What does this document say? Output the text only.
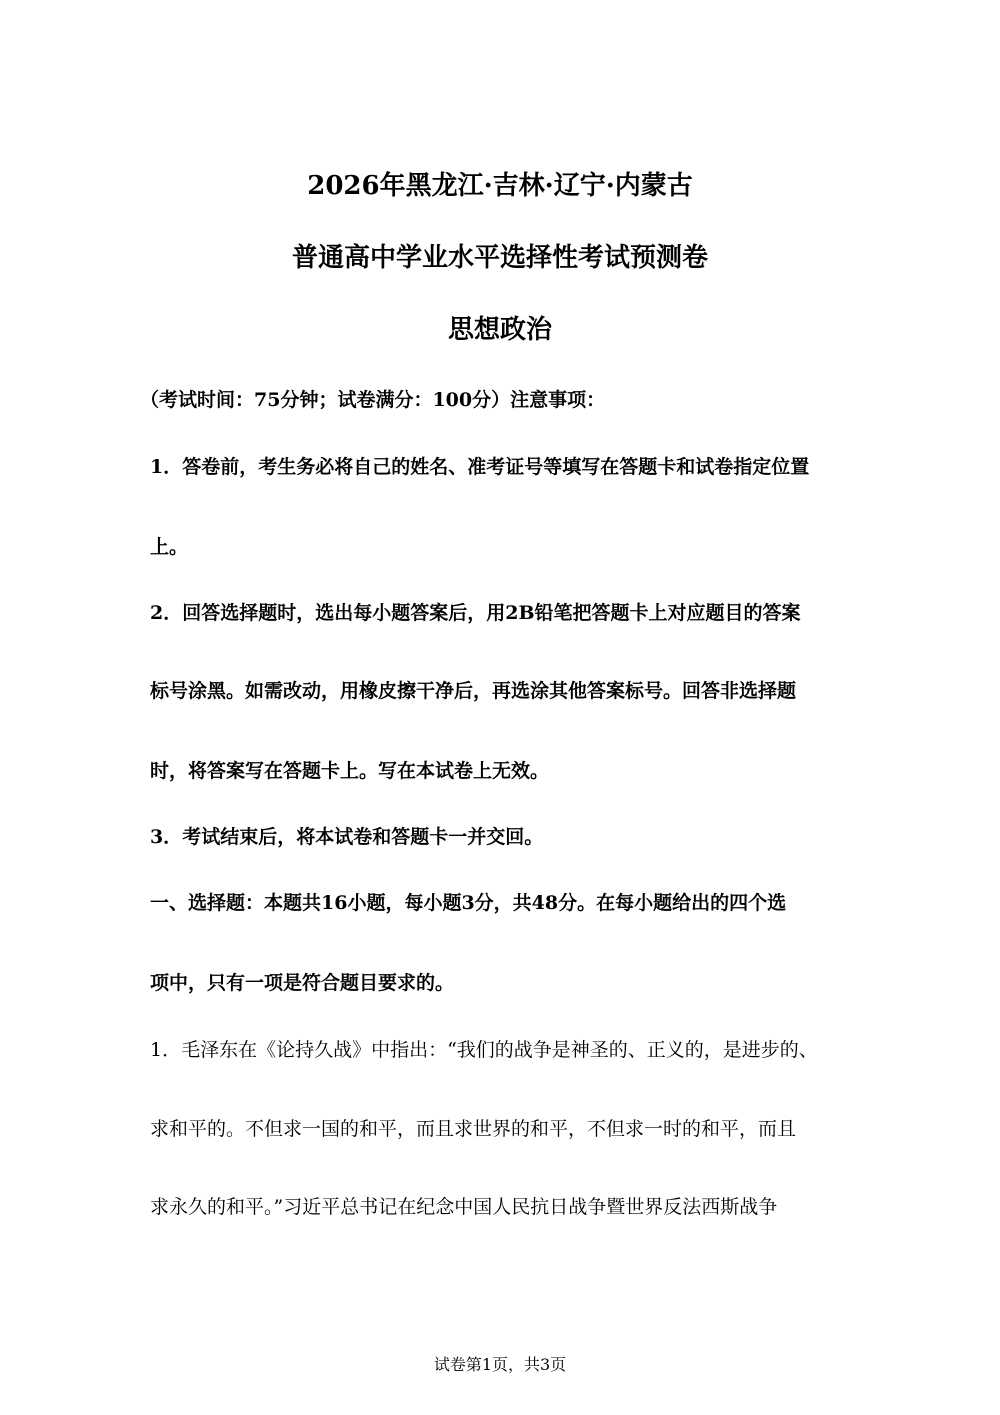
2026年黑龙江·吉林·辽宁·内蒙古
普通高中学业水平选择性考试预测卷
思想政治
（考试时间：75分钟；试卷满分：100分）注意事项：
1．答卷前，考生务必将自己的姓名、准考证号等填写在答题卡和试卷指定位置
上。
2．回答选择题时，选出每小题答案后，用2B铅笔把答题卡上对应题目的答案
标号涂黑。如需改动，用橡皮擦干净后，再选涂其他答案标号。回答非选择题
时，将答案写在答题卡上。写在本试卷上无效。
3．考试结束后，将本试卷和答题卡一并交回。
一、选择题：本题共16小题，每小题3分，共48分。在每小题给出的四个选
项中，只有一项是符合题目要求的。
1．毛泽东在《论持久战》中指出：“我们的战争是神圣的、正义的，是进步的、
求和平的。不但求一国的和平，而且求世界的和平，不但求一时的和平，而且
求永久的和平。”习近平总书记在纪念中国人民抗日战争暨世界反法西斯战争
试卷第1页，共3页
